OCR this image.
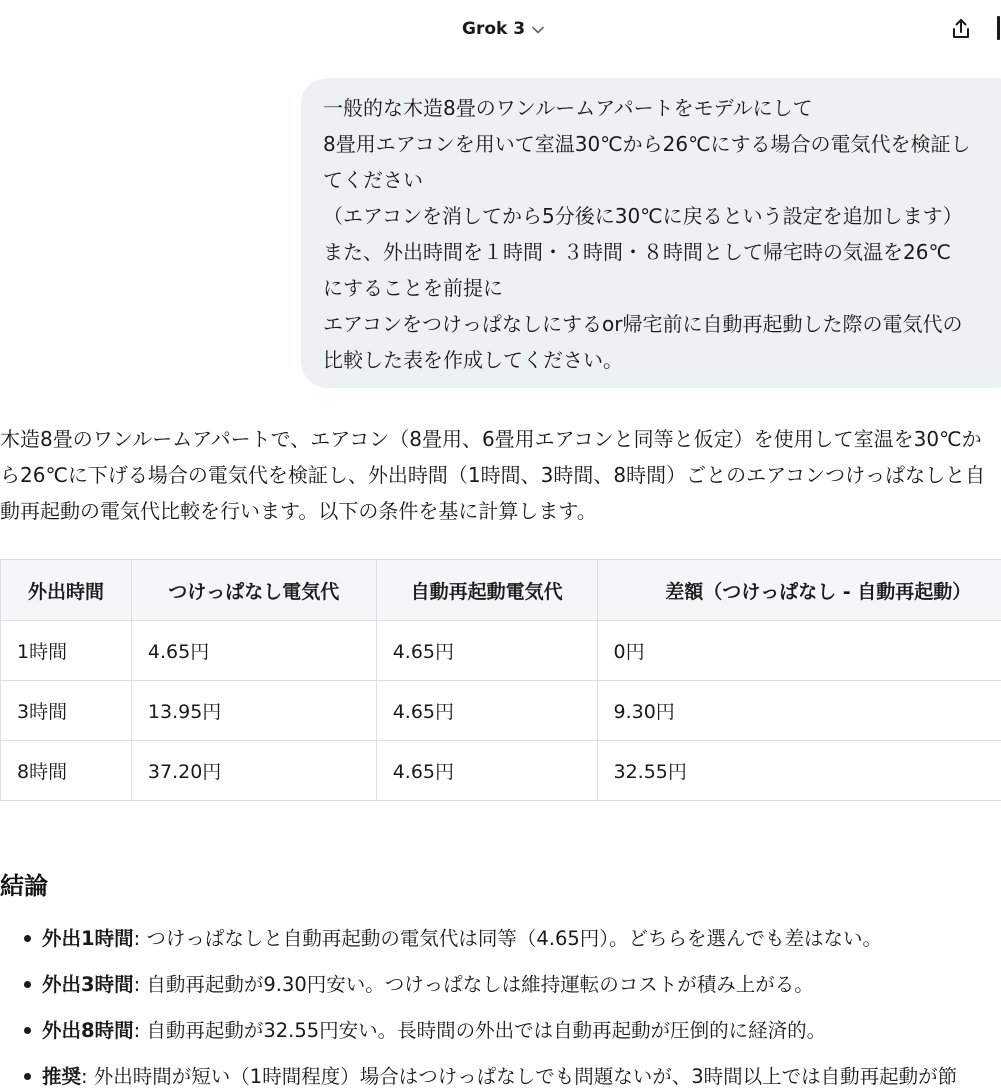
Grok 3
一般的な木造8畳のワンルームアパートをモデルにして
8畳用エアコンを用いて室温30℃から26℃にする場合の電気代を検証し
てください
（エアコンを消してから5分後に30℃に戻るという設定を追加します）
また、外出時間を１時間・３時間・８時間として帰宅時の気温を26℃
にすることを前提に
エアコンをつけっぱなしにするor帰宅前に自動再起動した際の電気代の
比較した表を作成してください。
木造8畳のワンルームアパートで、エアコン（8畳用、6畳用エアコンと同等と仮定）を使用して室温を30℃か
ら26℃に下げる場合の電気代を検証し、外出時間（1時間、3時間、8時間）ごとのエアコンつけっぱなしと自
動再起動の電気代比較を行います。以下の条件を基に計算します。
外出時間	つけっぱなし電気代	自動再起動電気代	差額（つけっぱなし - 自動再起動）
1時間	4.65円	4.65円	0円
3時間	13.95円	4.65円	9.30円
8時間	37.20円	4.65円	32.55円
結論
外出1時間: つけっぱなしと自動再起動の電気代は同等（4.65円）。どちらを選んでも差はない。
外出3時間: 自動再起動が9.30円安い。つけっぱなしは維持運転のコストが積み上がる。
外出8時間: 自動再起動が32.55円安い。長時間の外出では自動再起動が圧倒的に経済的。
推奨: 外出時間が短い（1時間程度）場合はつけっぱなしでも問題ないが、3時間以上では自動再起動が節
